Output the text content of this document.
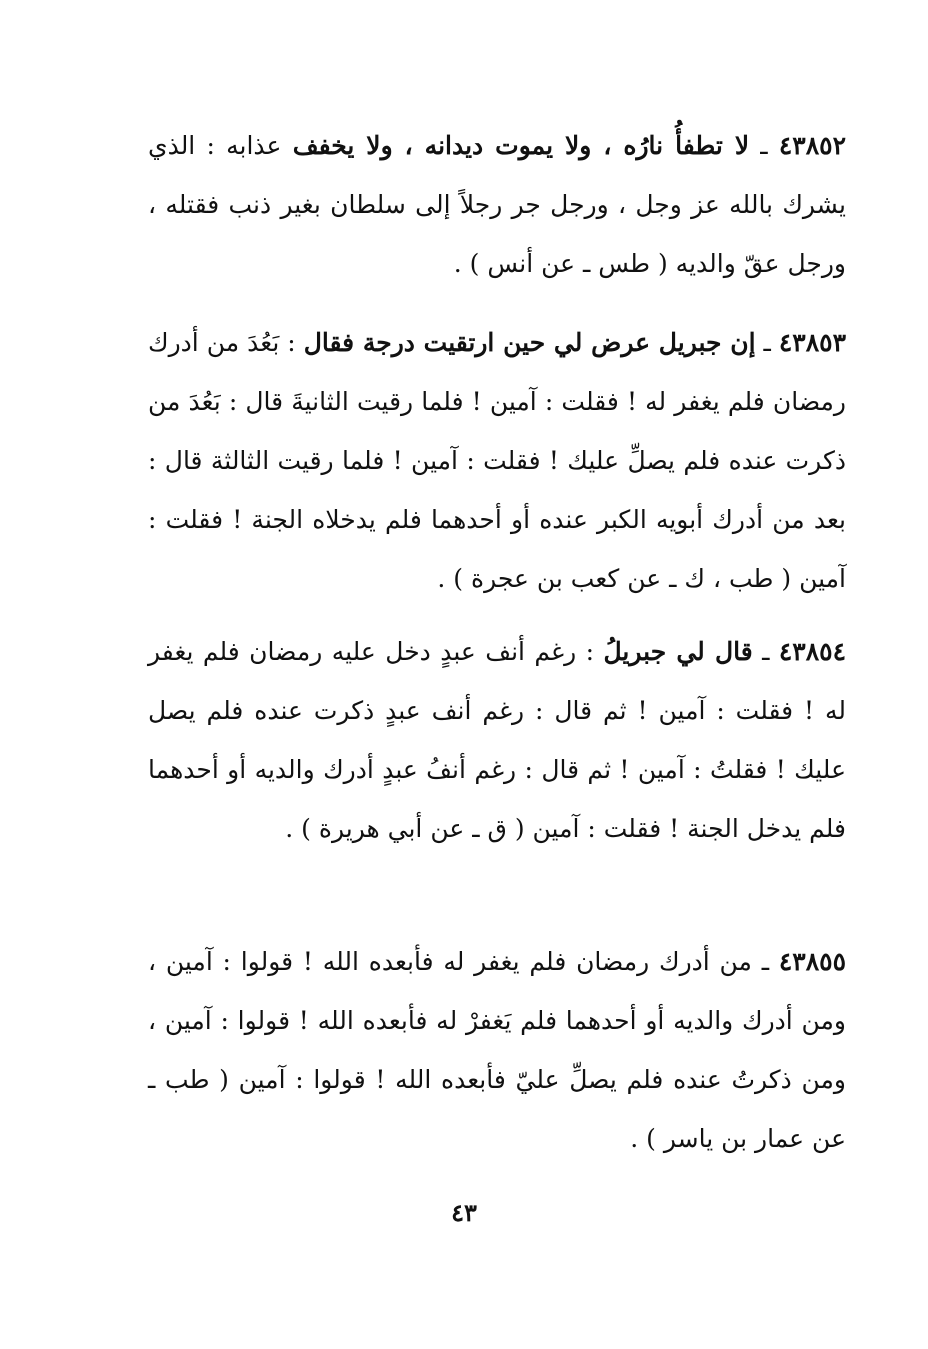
٤٣٨٥٢ ـ لا تطفأُ نارُه ، ولا يموت ديدانه ، ولا يخفف عذابه : الذي يشرك بالله عز وجل ، ورجل جر رجلاً إلى سلطان بغير ذنب فقتله ، ورجل عقّ والديه ( طس ـ عن أنس ) .

٤٣٨٥٣ ـ إن جبريل عرض لي حين ارتقيت درجة فقال : بَعُدَ من أدرك رمضان فلم يغفر له ! فقلت : آمين ! فلما رقيت الثانيةَ قال : بَعُدَ من ذكرت عنده فلم يصلِّ عليك ! فقلت : آمين ! فلما رقيت الثالثة قال : بعد من أدرك أبويه الكبر عنده أو أحدهما فلم يدخلاه الجنة ! فقلت : آمين ( طب ، ك ـ عن كعب بن عجرة ) .

٤٣٨٥٤ ـ قال لي جبريلُ : رغم أنف عبدٍ دخل عليه رمضان فلم يغفر له ! فقلت : آمين ! ثم قال : رغم أنف عبدٍ ذكرت عنده فلم يصل عليك ! فقلتُ : آمين ! ثم قال : رغم أنفُ عبدٍ أدرك والديه أو أحدهما فلم يدخل الجنة ! فقلت : آمين ( ق ـ عن أبي هريرة ) .

٤٣٨٥٥ ـ من أدرك رمضان فلم يغفر له فأبعده الله ! قولوا : آمين ، ومن أدرك والديه أو أحدهما فلم يَغفرْ له فأبعده الله ! قولوا : آمين ، ومن ذكرتُ عنده فلم يصلِّ عليّ فأبعده الله ! قولوا : آمين ( طب ـ عن عمار بن ياسر ) .

٤٣
